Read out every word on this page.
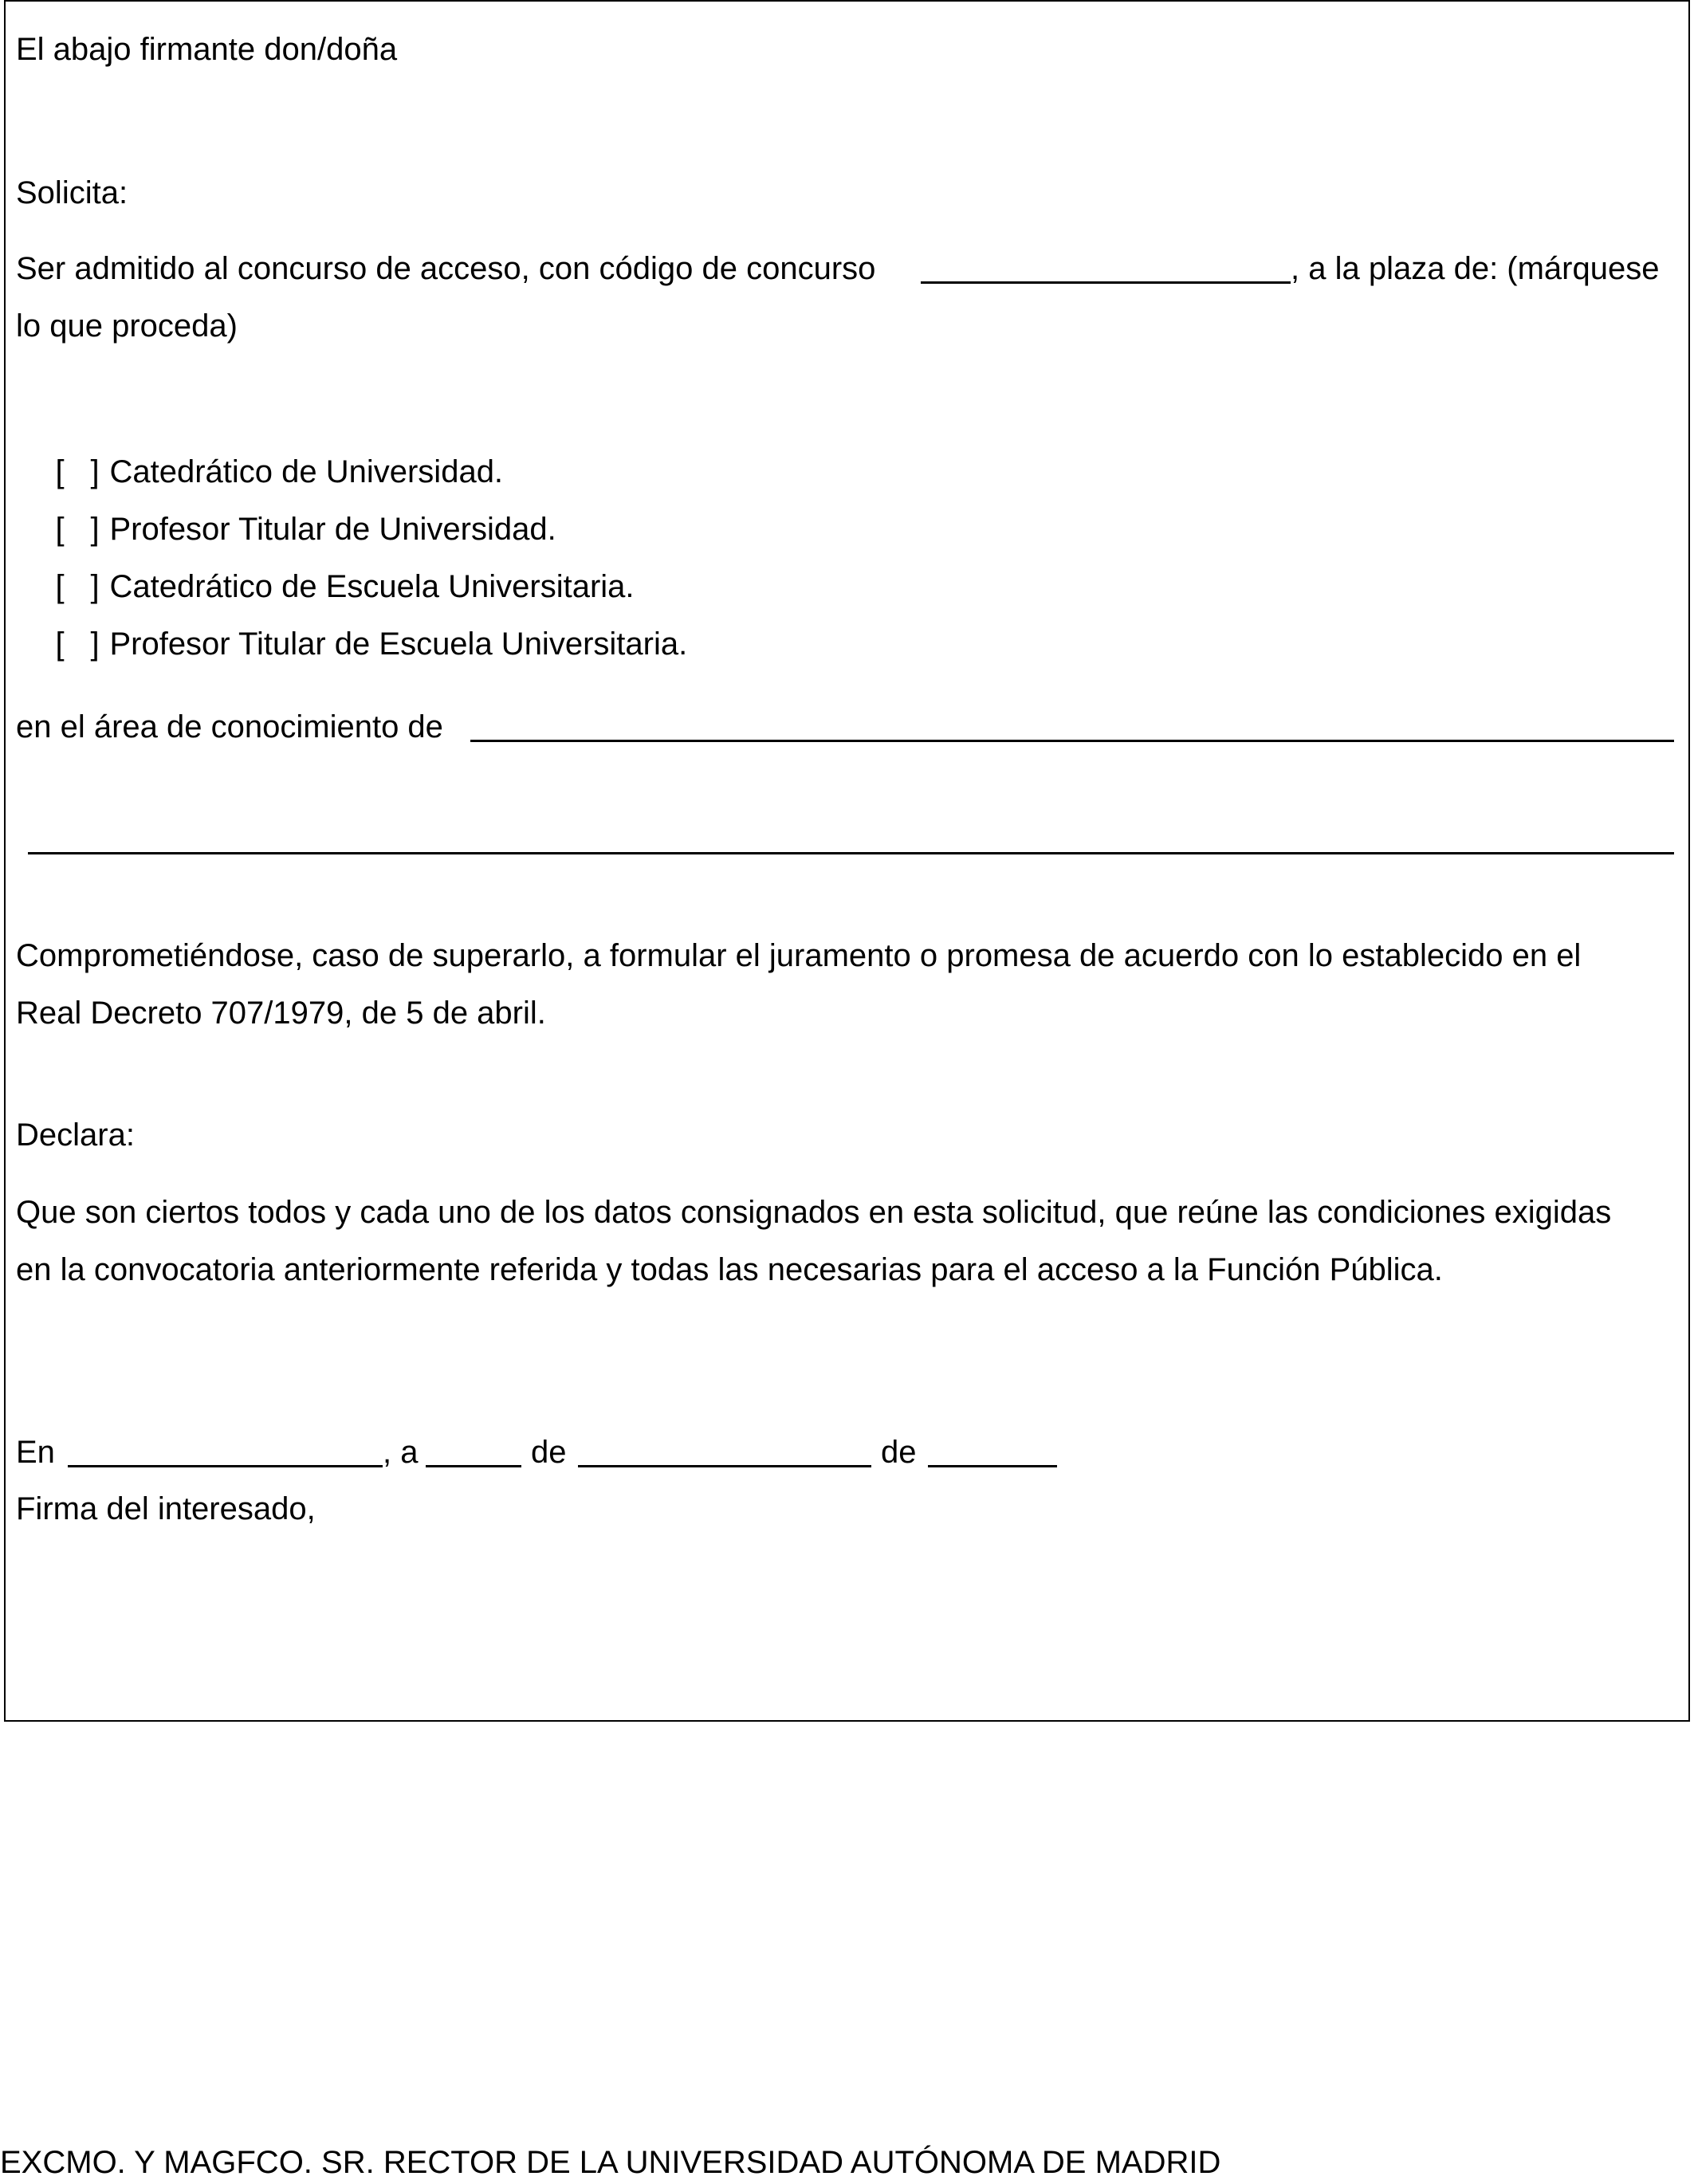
El abajo firmante don/doña
Solicita:
Ser admitido al concurso de acceso, con código de concurso	, a la plaza de: (márquese
lo que proceda)

[ ] Catedrático de Universidad.

[ ] Profesor Titular de Universidad.

[ ] Catedrático de Escuela Universitaria.

[ ] Profesor Titular de Escuela Universitaria.

en el área de conocimiento de
Comprometiéndose, caso de superarlo, a formular el juramento o promesa de acuerdo con lo establecido en el
Real Decreto 707/1979, de 5 de abril.
Declara:
Que son ciertos todos y cada uno de los datos consignados en esta solicitud, que reúne las condiciones exigidas
en la convocatoria anteriormente referida y todas las necesarias para el acceso a la Función Pública.
En	, a	de	de
Firma del interesado,
EXCMO. Y MAGFCO. SR. RECTOR DE LA UNIVERSIDAD AUTÓNOMA DE MADRID
